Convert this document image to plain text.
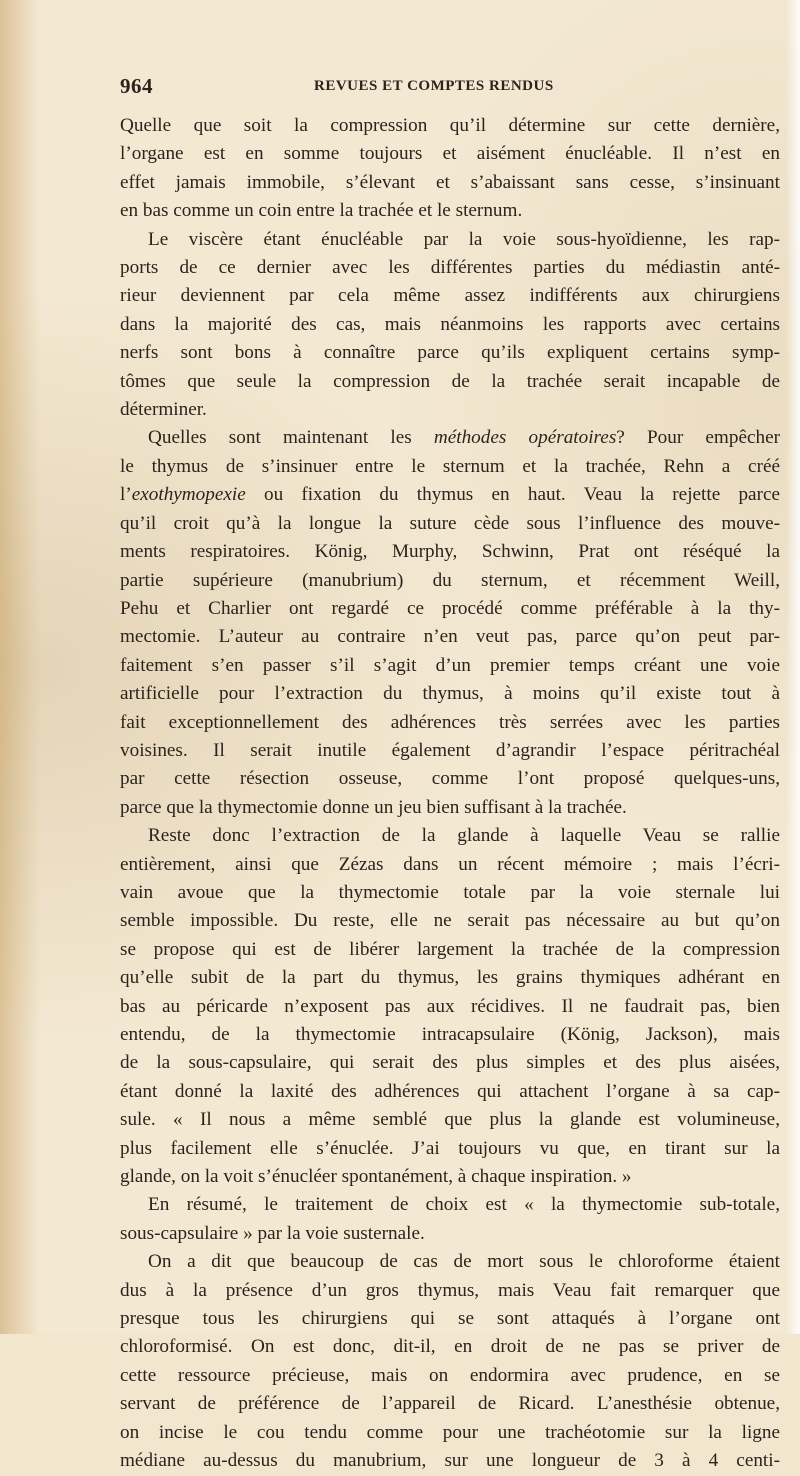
964	REVUES ET COMPTES RENDUS
Quelle que soit la compression qu’il détermine sur cette dernière,
l’organe est en somme toujours et aisément énucléable. Il n’est en
effet jamais immobile, s’élevant et s’abaissant sans cesse, s’insinuant
en bas comme un coin entre la trachée et le sternum.
Le viscère étant énucléable par la voie sous-hyoïdienne, les rap-
ports de ce dernier avec les différentes parties du médiastin anté-
rieur deviennent par cela même assez indifférents aux chirurgiens
dans la majorité des cas, mais néanmoins les rapports avec certains
nerfs sont bons à connaître parce qu’ils expliquent certains symp-
tômes que seule la compression de la trachée serait incapable de
déterminer.
Quelles sont maintenant les méthodes opératoires? Pour empêcher
le thymus de s’insinuer entre le sternum et la trachée, Rehn a créé
l’exothymopexie ou fixation du thymus en haut. Veau la rejette parce
qu’il croit qu’à la longue la suture cède sous l’influence des mouve-
ments respiratoires. König, Murphy, Schwinn, Prat ont réséqué la
partie supérieure (manubrium) du sternum, et récemment Weill,
Pehu et Charlier ont regardé ce procédé comme préférable à la thy-
mectomie. L’auteur au contraire n’en veut pas, parce qu’on peut par-
faitement s’en passer s’il s’agit d’un premier temps créant une voie
artificielle pour l’extraction du thymus, à moins qu’il existe tout à
fait exceptionnellement des adhérences très serrées avec les parties
voisines. Il serait inutile également d’agrandir l’espace péritrachéal
par cette résection osseuse, comme l’ont proposé quelques-uns,
parce que la thymectomie donne un jeu bien suffisant à la trachée.
Reste donc l’extraction de la glande à laquelle Veau se rallie
entièrement, ainsi que Zézas dans un récent mémoire ; mais l’écri-
vain avoue que la thymectomie totale par la voie sternale lui
semble impossible. Du reste, elle ne serait pas nécessaire au but qu’on
se propose qui est de libérer largement la trachée de la compression
qu’elle subit de la part du thymus, les grains thymiques adhérant en
bas au péricarde n’exposent pas aux récidives. Il ne faudrait pas, bien
entendu, de la thymectomie intracapsulaire (König, Jackson), mais
de la sous-capsulaire, qui serait des plus simples et des plus aisées,
étant donné la laxité des adhérences qui attachent l’organe à sa cap-
sule. « Il nous a même semblé que plus la glande est volumineuse,
plus facilement elle s’énuclée. J’ai toujours vu que, en tirant sur la
glande, on la voit s’énucléer spontanément, à chaque inspiration. »
En résumé, le traitement de choix est « la thymectomie sub-totale,
sous-capsulaire » par la voie susternale.
On a dit que beaucoup de cas de mort sous le chloroforme étaient
dus à la présence d’un gros thymus, mais Veau fait remarquer que
presque tous les chirurgiens qui se sont attaqués à l’organe ont
chloroformisé. On est donc, dit-il, en droit de ne pas se priver de
cette ressource précieuse, mais on endormira avec prudence, en se
servant de préférence de l’appareil de Ricard. L’anesthésie obtenue,
on incise le cou tendu comme pour une trachéotomie sur la ligne
médiane au-dessus du manubrium, sur une longueur de 3 à 4 centi-
